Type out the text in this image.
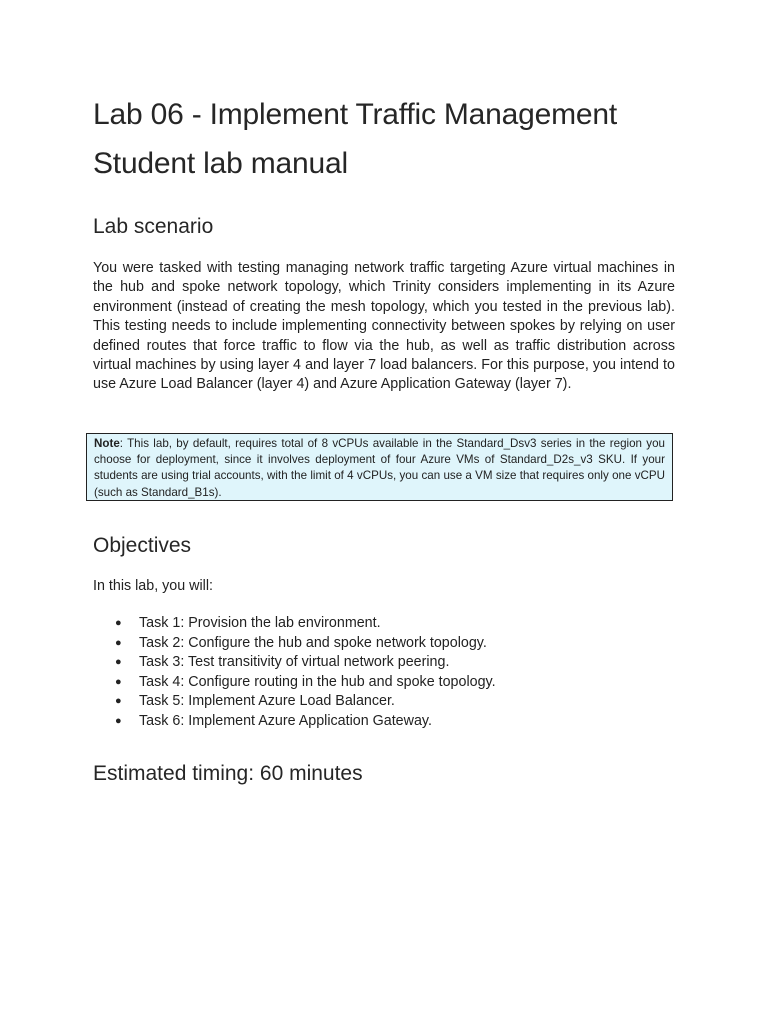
Lab 06 - Implement Traffic Management
Student lab manual
Lab scenario

You were tasked with testing managing network traffic targeting Azure virtual machines in the hub and spoke network topology, which Trinity considers implementing in its Azure environment (instead of creating the mesh topology, which you tested in the previous lab). This testing needs to include implementing connectivity between spokes by relying on user defined routes that force traffic to flow via the hub, as well as traffic distribution across virtual machines by using layer 4 and layer 7 load balancers. For this purpose, you intend to use Azure Load Balancer (layer 4) and Azure Application Gateway (layer 7).

Objectives

In this lab, you will:

● Task 1: Provision the lab environment.
● Task 2: Configure the hub and spoke network topology.
● Task 3: Test transitivity of virtual network peering.
● Task 4: Configure routing in the hub and spoke topology.
● Task 5: Implement Azure Load Balancer.
● Task 6: Implement Azure Application Gateway.
Estimated timing: 60 minutes
Note: This lab, by default, requires total of 8 vCPUs available in the Standard_Dsv3 series in the region you choose for deployment, since it involves deployment of four Azure VMs of Standard_D2s_v3 SKU. If your students are using trial accounts, with the limit of 4 vCPUs, you can use a VM size that requires only one vCPU (such as Standard_B1s).
